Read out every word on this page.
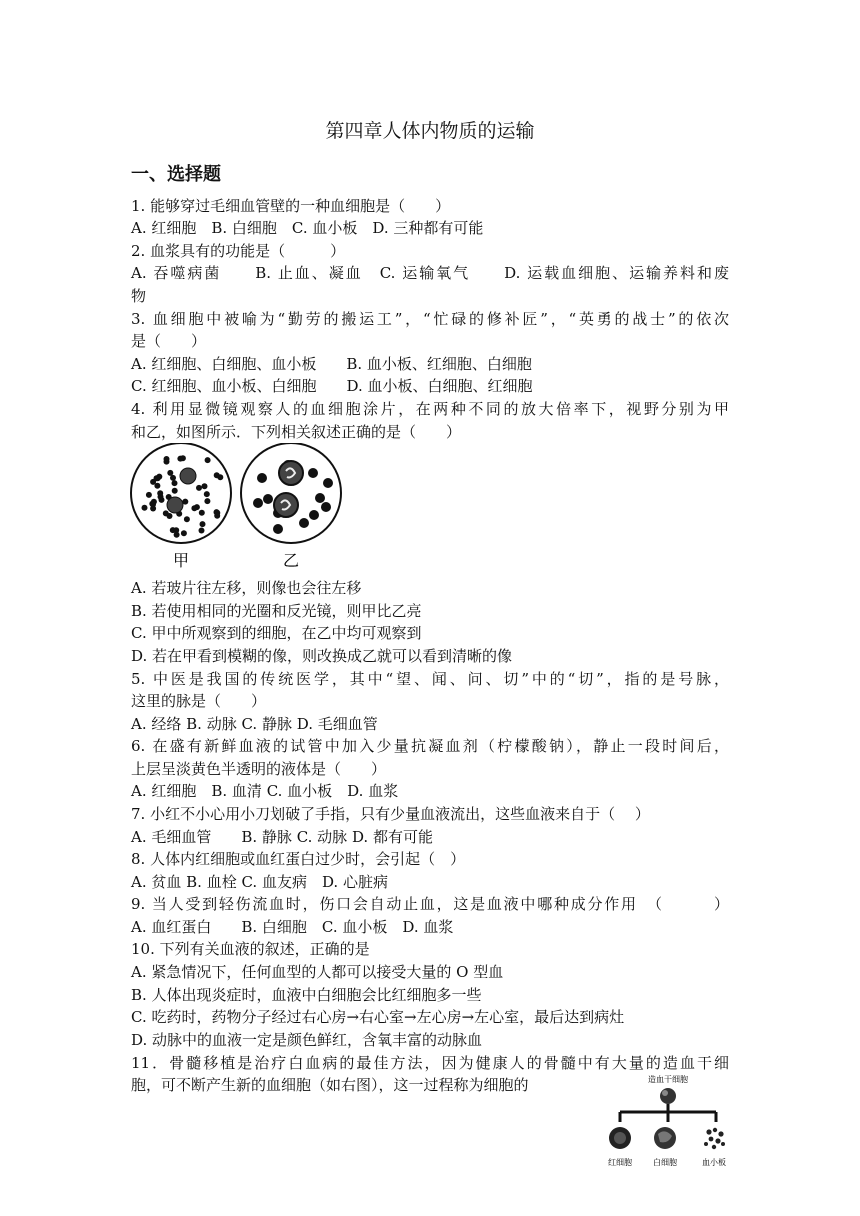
第四章人体内物质的运输
一、选择题
1. 能够穿过毛细血管壁的一种血细胞是（　　）
A. 红细胞　B. 白细胞　C. 血小板　D. 三种都有可能
2. 血浆具有的功能是（　　　）
A. 吞噬病菌　　B. 止血、凝血　C. 运输氧气　　D. 运载血细胞、运输养料和废
物
3. 血细胞中被喻为“勤劳的搬运工”，“忙碌的修补匠”，“英勇的战士”的依次
是（　　）
A. 红细胞、白细胞、血小板　　B. 血小板、红细胞、白细胞
C. 红细胞、血小板、白细胞　　D. 血小板、白细胞、红细胞
4. 利用显微镜观察人的血细胞涂片，在两种不同的放大倍率下，视野分别为甲
和乙，如图所示．下列相关叙述正确的是（　　）
甲	乙
A. 若玻片往左移，则像也会往左移
B. 若使用相同的光圈和反光镜，则甲比乙亮
C. 甲中所观察到的细胞，在乙中均可观察到
D. 若在甲看到模糊的像，则改换成乙就可以看到清晰的像
5. 中医是我国的传统医学，其中“望、闻、问、切”中的“切”，指的是号脉，
这里的脉是（　　）
A. 经络 B. 动脉 C. 静脉 D. 毛细血管
6. 在盛有新鲜血液的试管中加入少量抗凝血剂（柠檬酸钠），静止一段时间后，
上层呈淡黄色半透明的液体是（　　）
A. 红细胞　B. 血清 C. 血小板　D. 血浆
7. 小红不小心用小刀划破了手指，只有少量血液流出，这些血液来自于（　 ）
A. 毛细血管　　B. 静脉 C. 动脉 D. 都有可能
8. 人体内红细胞或血红蛋白过少时，会引起（　）
A. 贫血 B. 血栓 C. 血友病　D. 心脏病
9. 当人受到轻伤流血时，伤口会自动止血，这是血液中哪种成分作用　（　　　）
A. 血红蛋白　　B. 白细胞　C. 血小板　D. 血浆
10. 下列有关血液的叙述，正确的是
A. 紧急情况下，任何血型的人都可以接受大量的 O 型血
B. 人体出现炎症时，血液中白细胞会比红细胞多一些
C. 吃药时，药物分子经过右心房→右心室→左心房→左心室，最后达到病灶
D. 动脉中的血液一定是颜色鲜红，含氧丰富的动脉血
11．骨髓移植是治疗白血病的最佳方法，因为健康人的骨髓中有大量的造血干细
胞，可不断产生新的血细胞（如右图），这一过程称为细胞的	造血干细胞
红细胞	白细胞	血小板
